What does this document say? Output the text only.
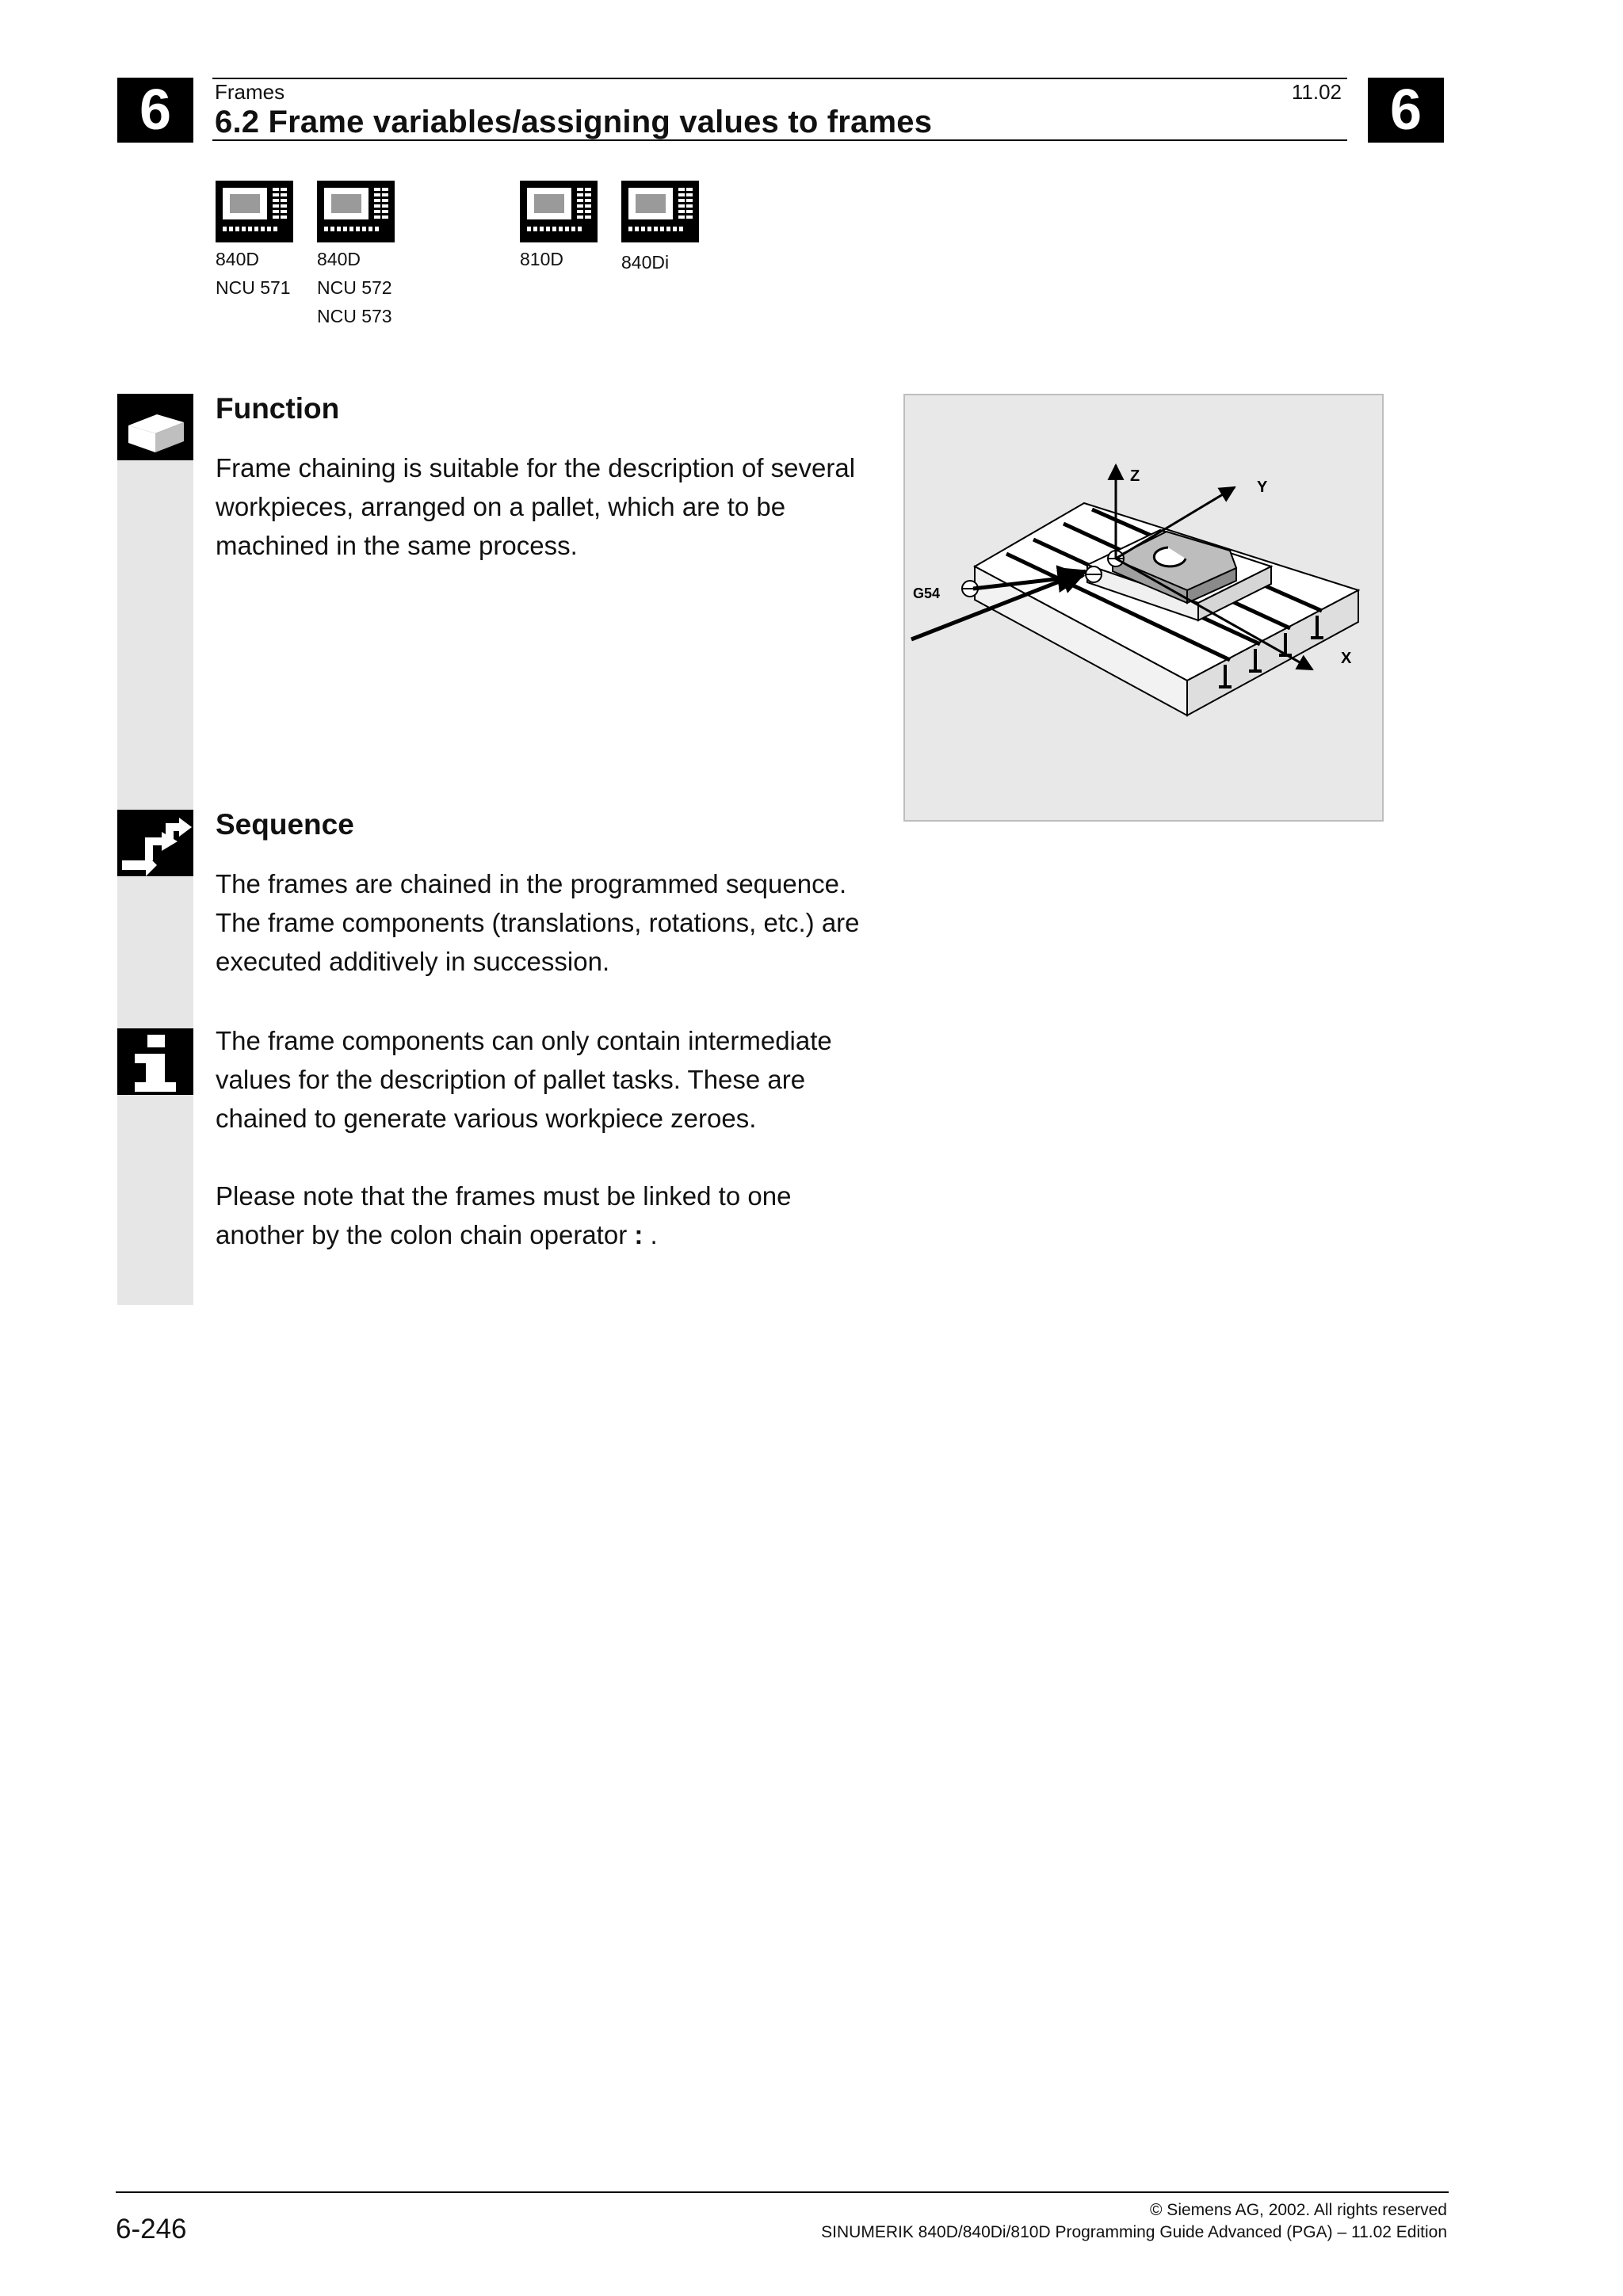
6	6
Frames	11.02
6.2 Frame variables/assigning values to frames
840D
NCU 571
840D
NCU 572
NCU 573
810D	840Di
Function

Frame chaining is suitable for the description of several workpieces, arranged on a pallet, which are to be machined in the same process.

Z
Y
X
G54
Sequence

The frames are chained in the programmed sequence. The frame components (translations, rotations, etc.) are executed additively in succession.

The frame components can only contain intermediate values for the description of pallet tasks. These are chained to generate various workpiece zeroes.

Please note that the frames must be linked to one another by the colon chain operator : .

6-246
© Siemens AG, 2002. All rights reserved
SINUMERIK 840D/840Di/810D Programming Guide Advanced (PGA) – 11.02 Edition
